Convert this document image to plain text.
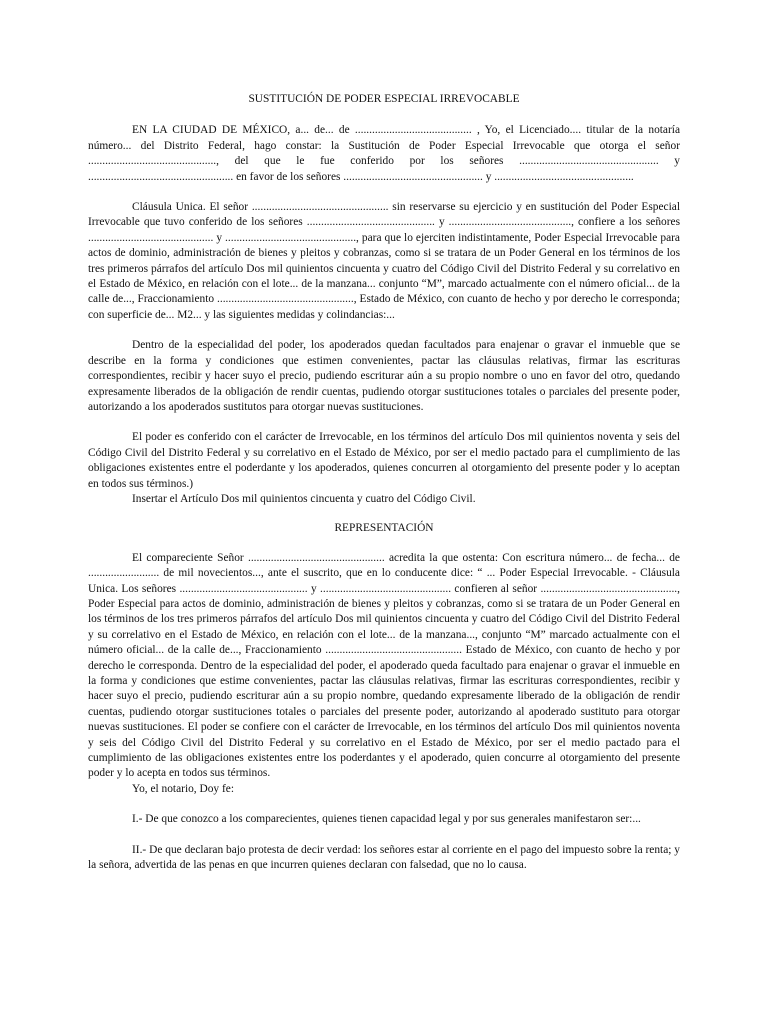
SUSTITUCIÓN DE PODER ESPECIAL IRREVOCABLE

EN LA CIUDAD DE MÉXICO, a... de... de ......................................... , Yo, el Licenciado.... titular de la notaría número... del Distrito Federal, hago constar: la Sustitución de Poder Especial Irrevocable que otorga el señor ............................................., del que le fue conferido por los señores ................................................. y ................................................... en favor de los señores ................................................. y .................................................

Cláusula Unica. El señor ................................................ sin reservarse su ejercicio y en sustitución del Poder Especial Irrevocable que tuvo conferido de los señores ............................................. y ..........................................., confiere a los señores ............................................ y .............................................., para que lo ejerciten indistintamente, Poder Especial Irrevocable para actos de dominio, administración de bienes y pleitos y cobranzas, como si se tratara de un Poder General en los términos de los tres primeros párrafos del artículo Dos mil quinientos cincuenta y cuatro del Código Civil del Distrito Federal y su correlativo en el Estado de México, en relación con el lote... de la manzana... conjunto “M”, marcado actualmente con el número oficial... de la calle de..., Fraccionamiento ................................................, Estado de México, con cuanto de hecho y por derecho le corresponda; con superficie de... M2... y las siguientes medidas y colindancias:...

Dentro de la especialidad del poder, los apoderados quedan facultados para enajenar o gravar el inmueble que se describe en la forma y condiciones que estimen convenientes, pactar las cláusulas relativas, firmar las escrituras correspondientes, recibir y hacer suyo el precio, pudiendo escriturar aún a su propio nombre o uno en favor del otro, quedando expresamente liberados de la obligación de rendir cuentas, pudiendo otorgar sustituciones totales o parciales del presente poder, autorizando a los apoderados sustitutos para otorgar nuevas sustituciones.

El poder es conferido con el carácter de Irrevocable, en los términos del artículo Dos mil quinientos noventa y seis del Código Civil del Distrito Federal y su correlativo en el Estado de México, por ser el medio pactado para el cumplimiento de las obligaciones existentes entre el poderdante y los apoderados, quienes concurren al otorgamiento del presente poder y lo aceptan en todos sus términos.)

Insertar el Artículo Dos mil quinientos cincuenta y cuatro del Código Civil.

REPRESENTACIÓN

El compareciente Señor ................................................ acredita la que ostenta: Con escritura número... de fecha... de ......................... de mil novecientos..., ante el suscrito, que en lo conducente dice: “ ... Poder Especial Irrevocable. - Cláusula Unica. Los señores ............................................. y .............................................. confieren al señor ................................................, Poder Especial para actos de dominio, administración de bienes y pleitos y cobranzas, como si se tratara de un Poder General en los términos de los tres primeros párrafos del artículo Dos mil quinientos cincuenta y cuatro del Código Civil del Distrito Federal y su correlativo en el Estado de México, en relación con el lote... de la manzana..., conjunto “M” marcado actualmente con el número oficial... de la calle de..., Fraccionamiento ................................................ Estado de México, con cuanto de hecho y por derecho le corresponda. Dentro de la especialidad del poder, el apoderado queda facultado para enajenar o gravar el inmueble en la forma y condiciones que estime convenientes, pactar las cláusulas relativas, firmar las escrituras correspondientes, recibir y hacer suyo el precio, pudiendo escriturar aún a su propio nombre, quedando expresamente liberado de la obligación de rendir cuentas, pudiendo otorgar sustituciones totales o parciales del presente poder, autorizando al apoderado sustituto para otorgar nuevas sustituciones. El poder se confiere con el carácter de Irrevocable, en los términos del artículo Dos mil quinientos noventa y seis del Código Civil del Distrito Federal y su correlativo en el Estado de México, por ser el medio pactado para el cumplimiento de las obligaciones existentes entre los poderdantes y el apoderado, quien concurre al otorgamiento del presente poder y lo acepta en todos sus términos.

Yo, el notario, Doy fe:

I.- De que conozco a los comparecientes, quienes tienen capacidad legal y por sus generales manifestaron ser:...

II.- De que declaran bajo protesta de decir verdad: los señores estar al corriente en el pago del impuesto sobre la renta; y la señora, advertida de las penas en que incurren quienes declaran con falsedad, que no lo causa.
